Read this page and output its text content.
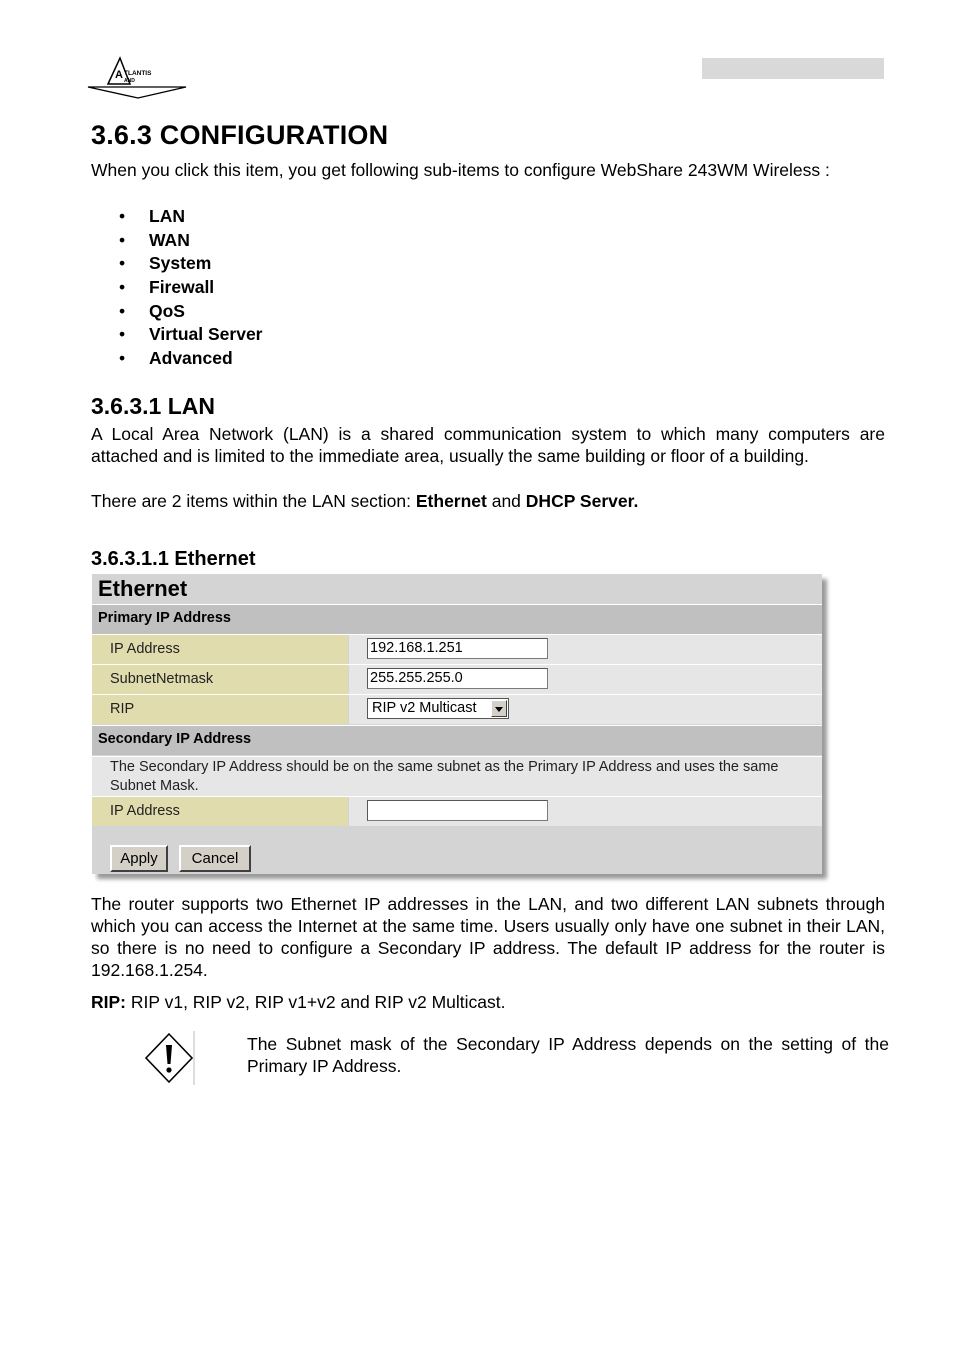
A TLANTIS
AND
3.6.3 CONFIGURATION

When you click this item, you get following sub-items to configure WebShare 243WM Wireless :

• LAN
• WAN
• System
• Firewall
• QoS
• Virtual Server
• Advanced
3.6.3.1 LAN

A Local Area Network (LAN) is a shared communication system to which many computers are attached and is limited to the immediate area, usually the same building or floor of a building.

There are 2 items within the LAN section: Ethernet and DHCP Server.

3.6.3.1.1 Ethernet
Ethernet
Primary IP Address
IP Address	192.168.1.251
SubnetNetmask	255.255.255.0
RIP	RIP v2 Multicast
Secondary IP Address
The Secondary IP Address should be on the same subnet as the Primary IP Address and uses the same Subnet Mask.
IP Address
Apply	Cancel

The router supports two Ethernet IP addresses in the LAN, and two different LAN subnets through which you can access the Internet at the same time. Users usually only have one subnet in their LAN, so there is no need to configure a Secondary IP address. The default IP address for the router is 192.168.1.254.

RIP: RIP v1, RIP v2, RIP v1+v2 and RIP v2 Multicast.

The Subnet mask of the Secondary IP Address depends on the setting of the Primary IP Address.
